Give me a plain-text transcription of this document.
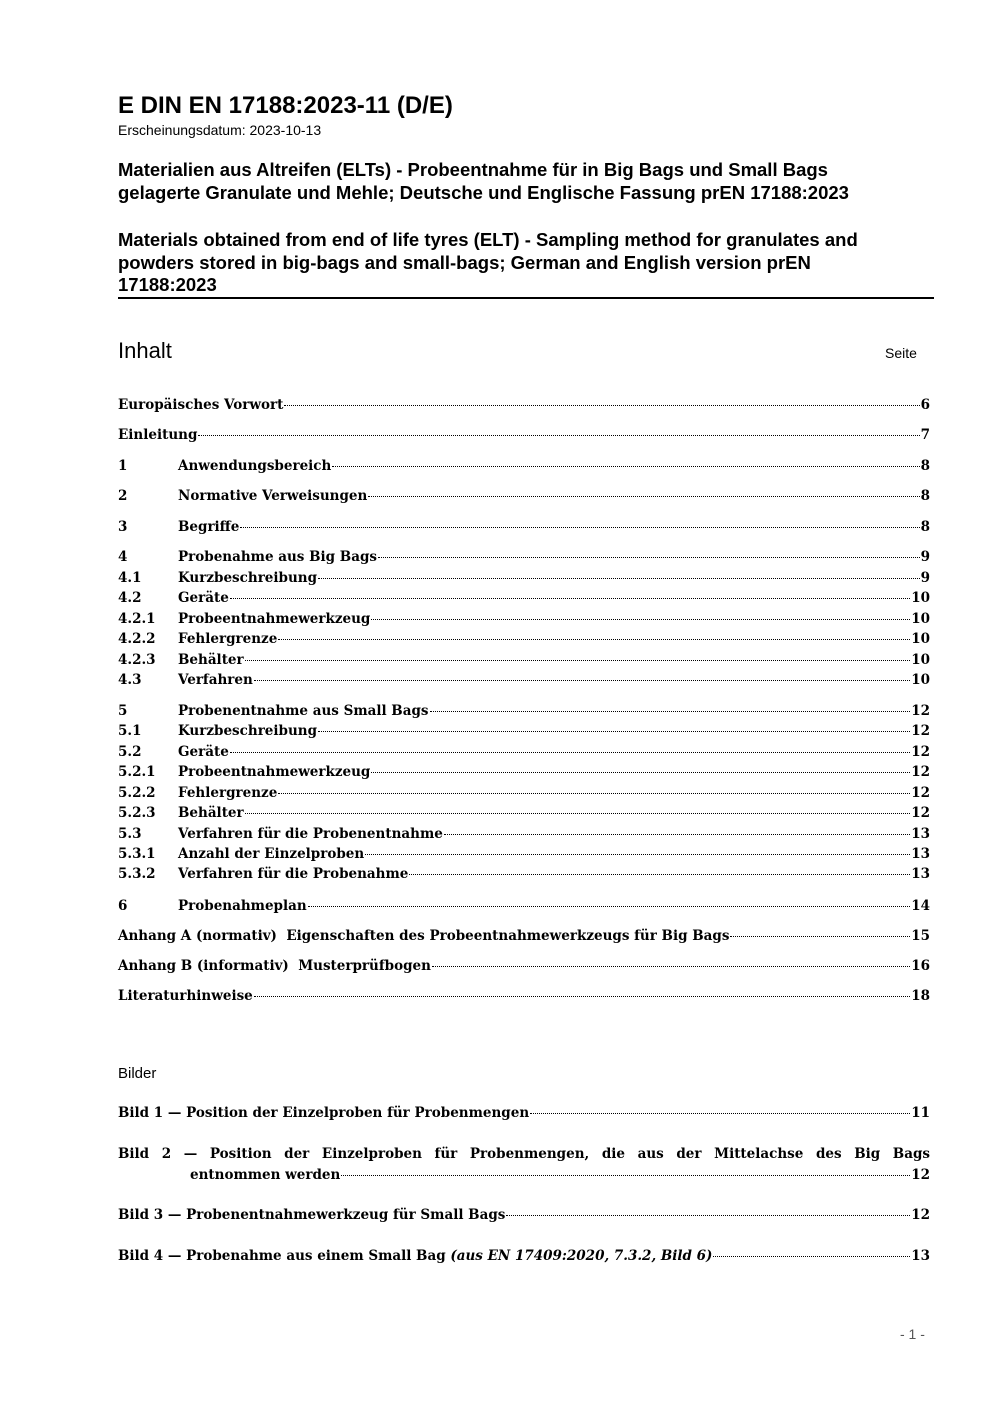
E DIN EN 17188:2023-11 (D/E)
Erscheinungsdatum: 2023-10-13
Materialien aus Altreifen (ELTs) - Probeentnahme für in Big Bags und Small Bags
gelagerte Granulate und Mehle; Deutsche und Englische Fassung prEN 17188:2023
Materials obtained from end of life tyres (ELT) - Sampling method for granulates and
powders stored in big-bags and small-bags; German and English version prEN
17188:2023
Inhalt	Seite
Europäisches Vorwort	6
Einleitung	7
1	Anwendungsbereich	8
2	Normative Verweisungen	8
3	Begriffe	8
4	Probenahme aus Big Bags	9
4.1	Kurzbeschreibung	9
4.2	Geräte	10
4.2.1	Probeentnahmewerkzeug	10
4.2.2	Fehlergrenze	10
4.2.3	Behälter	10
4.3	Verfahren	10
5	Probenentnahme aus Small Bags	12
5.1	Kurzbeschreibung	12
5.2	Geräte	12
5.2.1	Probeentnahmewerkzeug	12
5.2.2	Fehlergrenze	12
5.2.3	Behälter	12
5.3	Verfahren für die Probenentnahme	13
5.3.1	Anzahl der Einzelproben	13
5.3.2	Verfahren für die Probenahme	13
6	Probenahmeplan	14
Anhang A (normativ)  Eigenschaften des Probeentnahmewerkzeugs für Big Bags	15
Anhang B (informativ)  Musterprüfbogen	16
Literaturhinweise	18
Bilder
Bild 1 — Position der Einzelproben für Probenmengen	11
Bild 2 — Position der Einzelproben für Probenmengen, die aus der Mittelachse des Big Bags
entnommen werden	12
Bild 3 — Probenentnahmewerkzeug für Small Bags	12
Bild 4 — Probenahme aus einem Small Bag (aus EN 17409:2020, 7.3.2, Bild 6)	13
- 1 -
